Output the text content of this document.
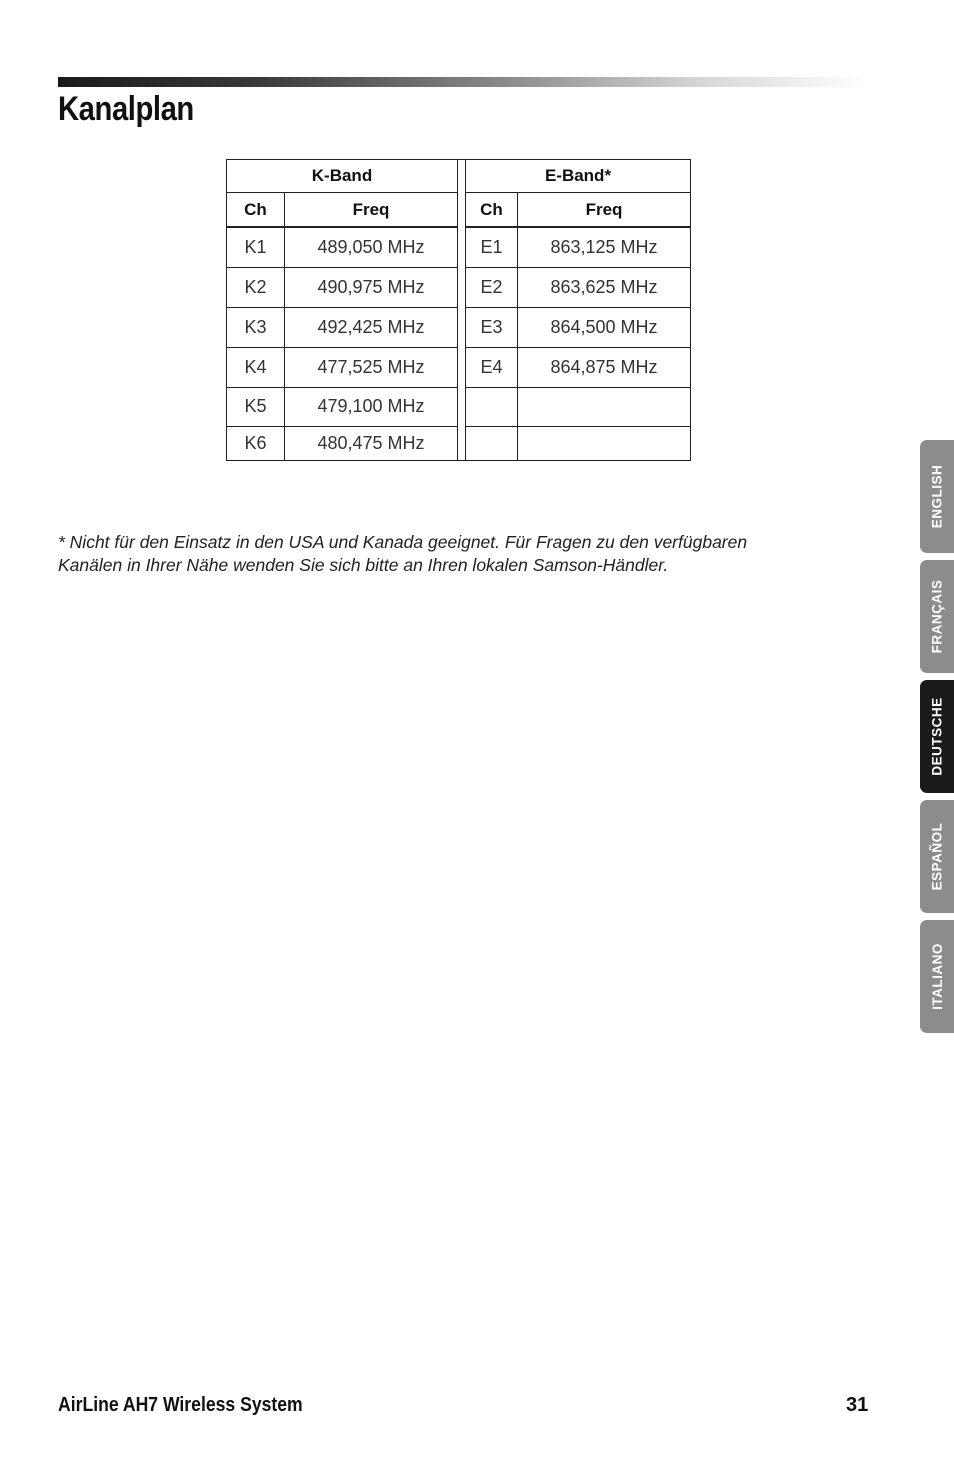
Kanalplan
K-Band			E-Band*	
Ch	Freq		Ch	Freq
K1	489,050 MHz		E1	863,125 MHz
K2	490,975 MHz		E2	863,625 MHz
K3	492,425 MHz		E3	864,500 MHz
K4	477,525 MHz		E4	864,875 MHz
K5	479,100 MHz			
K6	480,475 MHz			

* Nicht für den Einsatz in den USA und Kanada geeignet. Für Fragen zu den verfügbaren
Kanälen in Ihrer Nähe wenden Sie sich bitte an Ihren lokalen Samson-Händler.

ENGLISH
FRANÇAIS
DEUTSCHE
ESPAÑOL
ITALIANO
AirLine AH7 Wireless System	31
